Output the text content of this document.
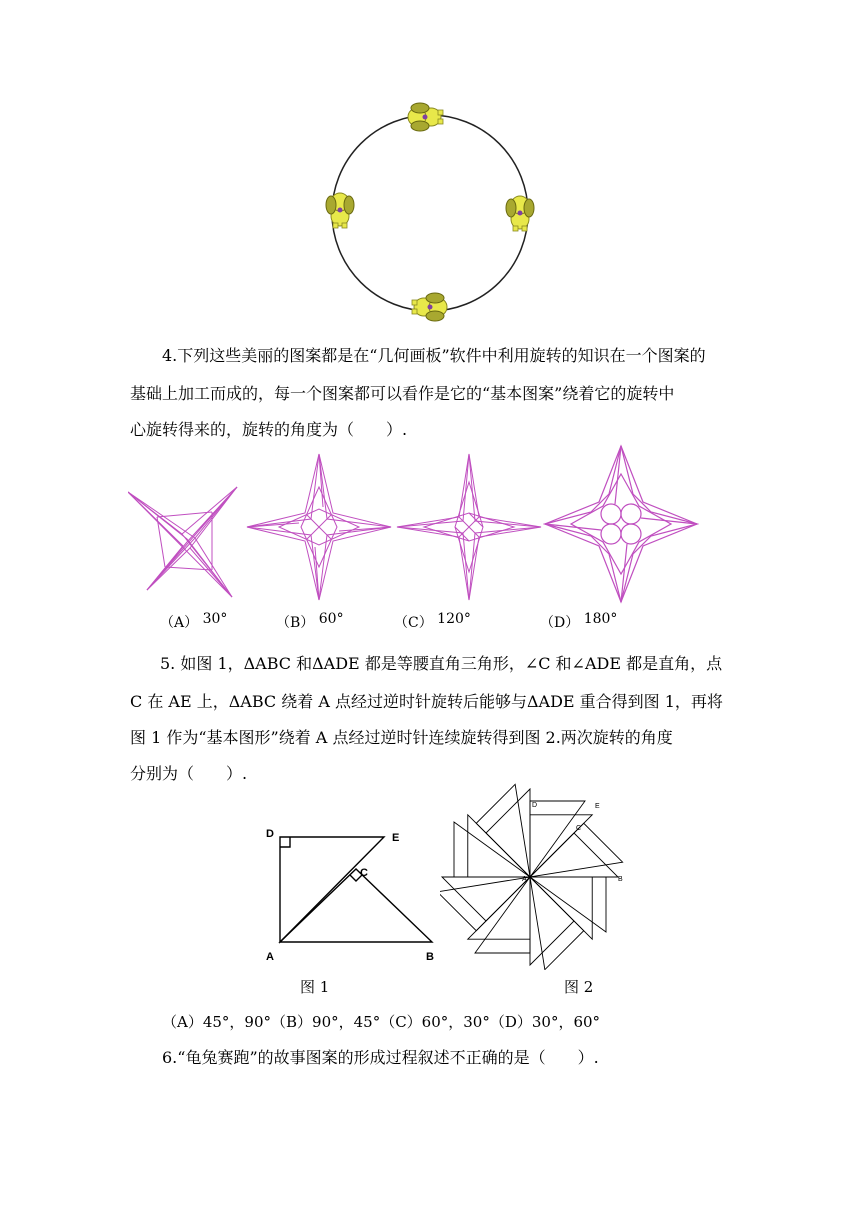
4.下列这些美丽的图案都是在“几何画板”软件中利用旋转的知识在一个图案的
基础上加工而成的，每一个图案都可以看作是它的“基本图案”绕着它的旋转中
心旋转得来的，旋转的角度为（　　）.
（A） 30°	（B） 60°	（C） 120°	（D） 180°
5. 如图 1，ΔABC 和ΔADE 都是等腰直角三角形，∠C 和∠ADE 都是直角，点
C 在 AE 上，ΔABC 绕着 A 点经过逆时针旋转后能够与ΔADE 重合得到图 1，再将
图 1 作为“基本图形”绕着 A 点经过逆时针连续旋转得到图 2.两次旋转的角度
分别为（　　）.
D	E
C
A	B
D	E
C
A	B
图 1	图 2
（A）45°，90°（B）90°，45°（C）60°，30°（D）30°，60°
6.“龟兔赛跑”的故事图案的形成过程叙述不正确的是（　　）.
